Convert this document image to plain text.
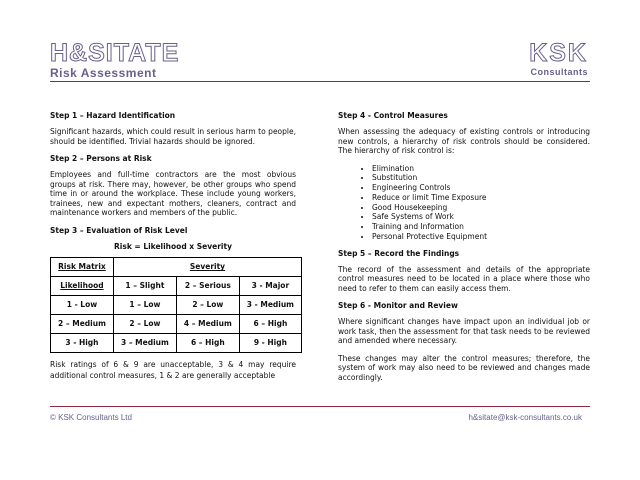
H&SITATE
Risk Assessment
KSK
Consultants
Step 1 – Hazard Identification

Significant hazards, which could result in serious harm to people, should be identified. Trivial hazards should be ignored.

Step 2 – Persons at Risk

Employees and full-time contractors are the most obvious groups at risk. There may, however, be other groups who spend time in or around the workplace. These include young workers, trainees, new and expectant mothers, cleaners, contract and maintenance workers and members of the public.

Step 3 – Evaluation of Risk Level
Risk = Likelihood x Severity
Risk Matrix	Severity		
Likelihood	1 – Slight	2 – Serious	3 - Major
1 - Low	1 – Low	2 – Low	3 - Medium
2 – Medium	2 – Low	4 – Medium	6 – High
3 - High	3 – Medium	6 – High	9 - High

Risk ratings of 6 & 9 are unacceptable, 3 & 4 may require additional control measures, 1 & 2 are generally acceptable

Step 4 - Control Measures

When assessing the adequacy of existing controls or introducing new controls, a hierarchy of risk controls should be considered. The hierarchy of risk control is:

• Elimination
• Substitution
• Engineering Controls
• Reduce or limit Time Exposure
• Good Housekeeping
• Safe Systems of Work
• Training and Information
• Personal Protective Equipment
Step 5 – Record the Findings

The record of the assessment and details of the appropriate control measures need to be located in a place where those who need to refer to them can easily access them.

Step 6 - Monitor and Review

Where significant changes have impact upon an individual job or work task, then the assessment for that task needs to be reviewed and amended where necessary.

These changes may alter the control measures; therefore, the system of work may also need to be reviewed and changes made accordingly.

© KSK Consultants Ltd	h&sitate@ksk-consultants.co.uk
